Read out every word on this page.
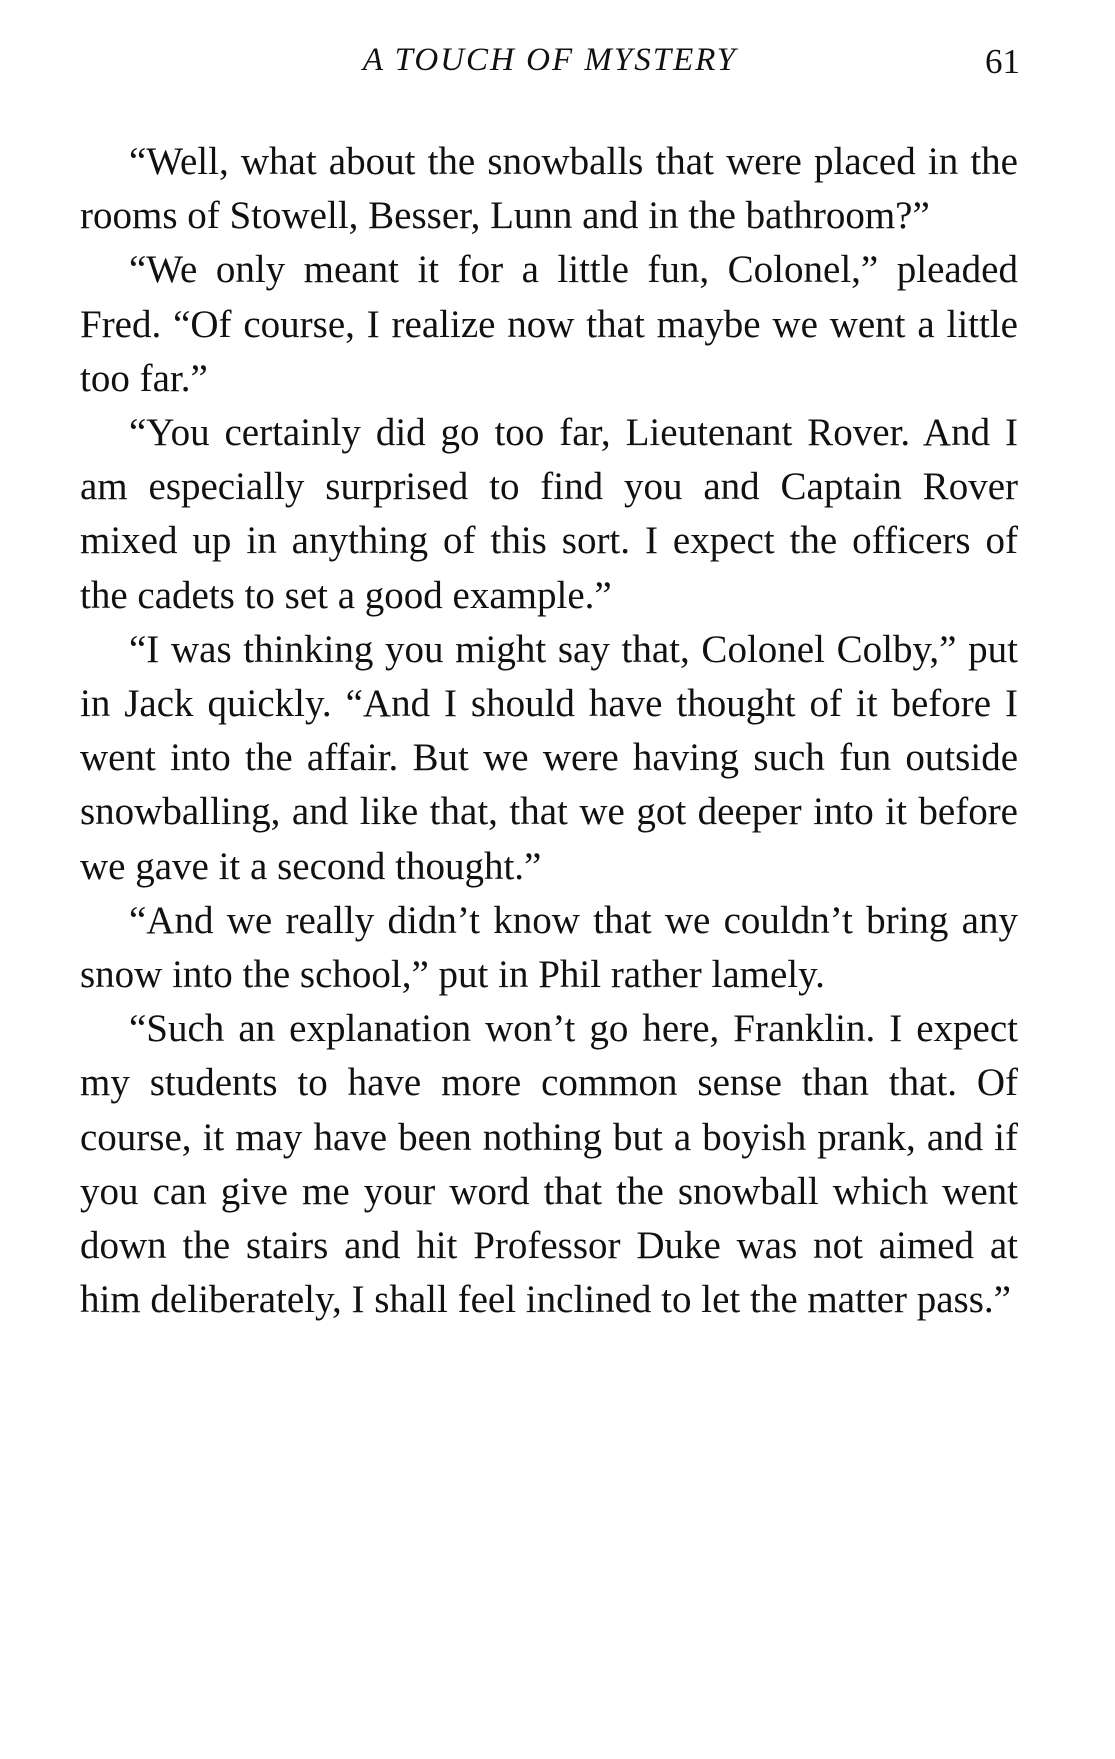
A TOUCH OF MYSTERY	61

“Well, what about the snowballs that were placed in the rooms of Stowell, Besser, Lunn and in the bathroom?”

“We only meant it for a little fun, Colonel,” pleaded Fred. “Of course, I realize now that maybe we went a little too far.”

“You certainly did go too far, Lieutenant Rover. And I am especially surprised to find you and Captain Rover mixed up in anything of this sort. I expect the officers of the cadets to set a good example.”

“I was thinking you might say that, Colonel Colby,” put in Jack quickly. “And I should have thought of it before I went into the affair. But we were having such fun outside snowballing, and like that, that we got deeper into it before we gave it a second thought.”

“And we really didn’t know that we couldn’t bring any snow into the school,” put in Phil rather lamely.

“Such an explanation won’t go here, Franklin. I expect my students to have more common sense than that. Of course, it may have been nothing but a boyish prank, and if you can give me your word that the snowball which went down the stairs and hit Professor Duke was not aimed at him deliberately, I shall feel inclined to let the matter pass.”
